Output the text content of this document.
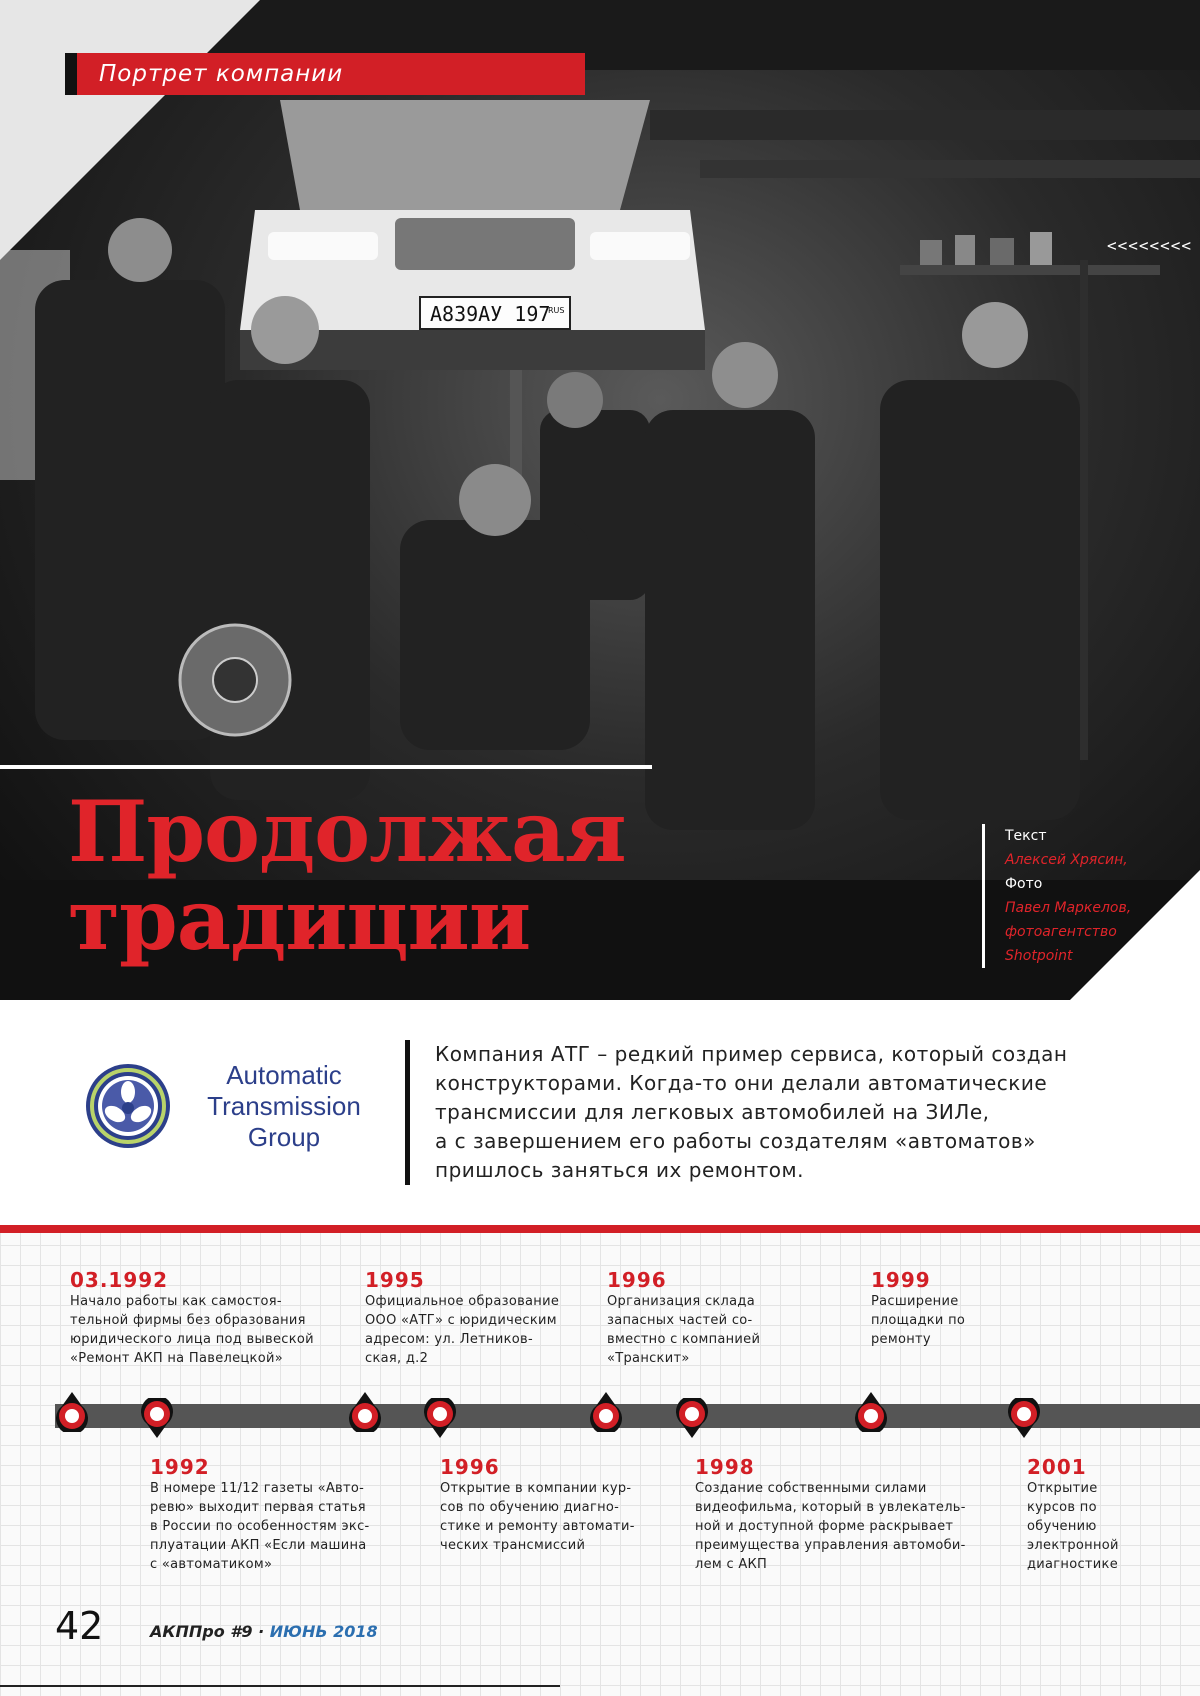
А839АУ 197
RUS
<<<<<<<<
Продолжая
традиции
Текст
Алексей Хрясин,
Фото
Павел Маркелов,
фотоагентство
Shotpoint
Портрет компании
Automatic
Transmission
Group
Компания АТГ – редкий пример сервиса, который создан
конструкторами. Когда-то они делали автоматические
трансмиссии для легковых автомобилей на ЗИЛе,
а с завершением его работы создателям «автоматов»
пришлось заняться их ремонтом.
03.1992
Начало работы как самостоя-
тельной фирмы без образования
юридического лица под вывеской
«Ремонт АКП на Павелецкой»
1995
Официальное образование
ООО «АТГ» с юридическим
адресом: ул. Летников-
ская, д.2
1996
Организация склада
запасных частей со-
вместно с компанией
«Транскит»
1999
Расширение
площадки по
ремонту
1992
В номере 11/12 газеты «Авто-
ревю» выходит первая статья
в России по особенностям экс-
плуатации АКП «Если машина
с «автоматиком»
1996
Открытие в компании кур-
сов по обучению диагно-
стике и ремонту автомати-
ческих трансмиссий
1998
Создание собственными силами
видеофильма, который в увлекатель-
ной и доступной форме раскрывает
преимущества управления автомоби-
лем с АКП
2001
Открытие
курсов по
обучению
электронной
диагностике
42	АКППро #9 · ИЮНЬ 2018
